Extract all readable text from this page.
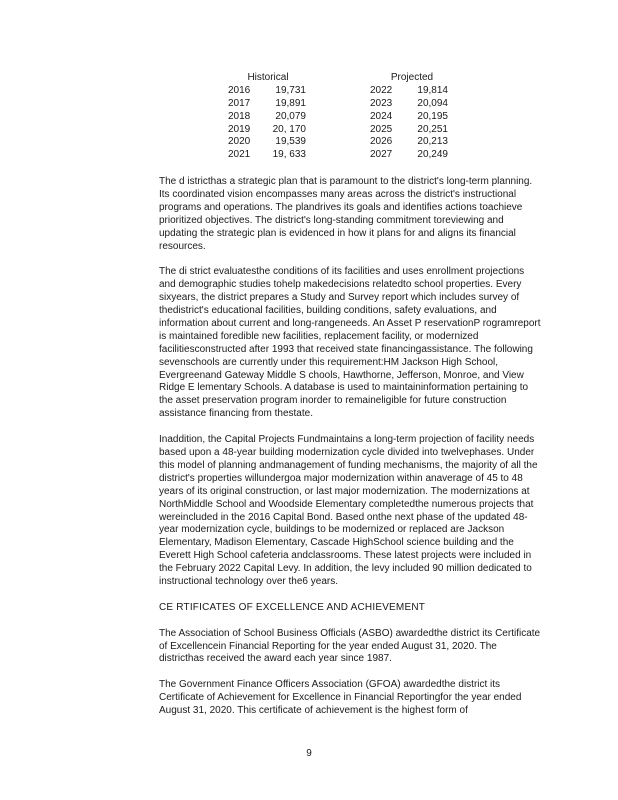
Historical
2016	19,731
2017	19,891
2018	20,079
2019	20, 170
2020	19,539
2021	19, 633
Projected
2022	19,814
2023	20,094
2024	20,195
2025	20,251
2026	20,213
2027	20,249

The d istricthas a strategic plan that is paramount to the district's long-term planning. Its coordinated vision encompasses many areas across the district's instructional programs and operations. The plandrives its goals and identifies actions toachieve prioritized objectives. The district's long-standing commitment toreviewing and updating the strategic plan is evidenced in how it plans for and aligns its financial resources.

The di strict evaluatesthe conditions of its facilities and uses enrollment projections and demographic studies tohelp makedecisions relatedto school properties. Every sixyears, the district prepares a Study and Survey report which includes survey of thedistrict's educational facilities, building conditions, safety evaluations, and information about current and long-rangeneeds. An Asset P reservationP rogramreport is maintained foredible new facilities, replacement facility, or modernized facilitiesconstructed after 1993 that received state financingassistance. The following sevenschools are currently under this requirement:HM Jackson High School, Evergreenand Gateway Middle S chools, Hawthorne, Jefferson, Monroe, and View Ridge E lementary Schools. A database is used to maintaininformation pertaining to the asset preservation program inorder to remaineligible for future construction assistance financing from thestate.

Inaddition, the Capital Projects Fundmaintains a long-term projection of facility needs based upon a 48-year building modernization cycle divided into twelvephases. Under this model of planning andmanagement of funding mechanisms, the majority of all the district's properties willundergoa major modernization within anaverage of 45 to 48 years of its original construction, or last major modernization. The modernizations at NorthMiddle School and Woodside Elementary completedthe numerous projects that wereincluded in the 2016 Capital Bond. Based onthe next phase of the updated 48-year modernization cycle, buildings to be modernized or replaced are Jackson Elementary, Madison Elementary, Cascade HighSchool science building and the Everett High School cafeteria andclassrooms. These latest projects were included in the February 2022 Capital Levy. In addition, the levy included 90 million dedicated to instructional technology over the6 years.

CE RTIFICATES OF EXCELLENCE AND ACHIEVEMENT

The Association of School Business Officials (ASBO) awardedthe district its Certificate of Excellencein Financial Reporting for the year ended August 31, 2020. The districthas received the award each year since 1987.

The Government Finance Officers Association (GFOA) awardedthe district its Certificate of Achievement for Excellence in Financial Reportingfor the year ended August 31, 2020. This certificate of achievement is the highest form of

9
